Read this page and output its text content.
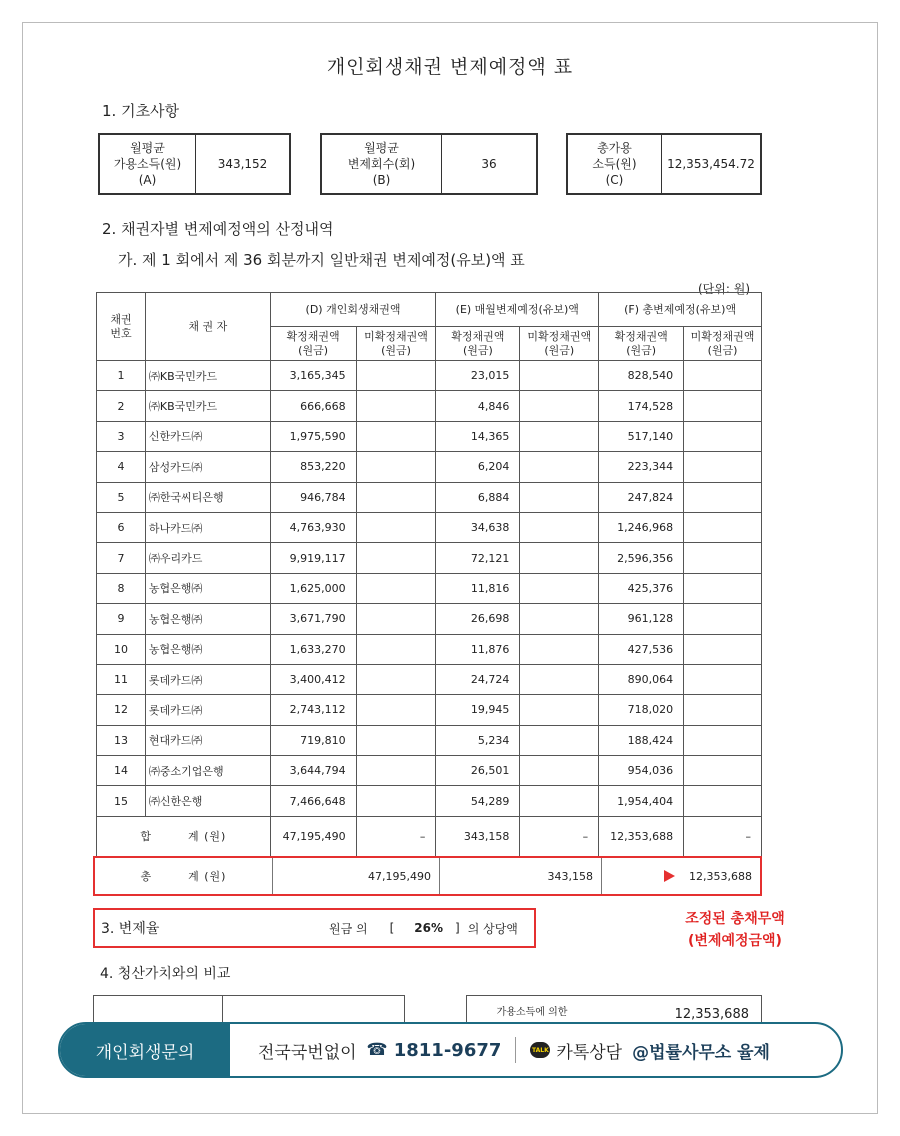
개인회생채권 변제예정액 표
1. 기초사항
월평균
가용소득(원)
(A)
343,152
월평균
변제회수(회)
(B)
36
총가용
소득(원)
(C)
12,353,454.72
2. 채권자별 변제예정액의 산정내역
가. 제 1 회에서 제 36 회분까지 일반채권 변제예정(유보)액 표
(단위: 원)
채권
번호	채 권 자	(D) 개인회생채권액		(E) 매월변제예정(유보)액		(F) 총변제예정(유보)액	
		확정채권액
(원금)	미확정채권액
(원금)	확정채권액
(원금)	미확정채권액
(원금)	확정채권액
(원금)	미확정채권액
(원금)
1	㈜KB국민카드	3,165,345		23,015		828,540	
2	㈜KB국민카드	666,668		4,846		174,528	
3	신한카드㈜	1,975,590		14,365		517,140	
4	삼성카드㈜	853,220		6,204		223,344	
5	㈜한국씨티은행	946,784		6,884		247,824	
6	하나카드㈜	4,763,930		34,638		1,246,968	
7	㈜우리카드	9,919,117		72,121		2,596,356	
8	농협은행㈜	1,625,000		11,816		425,376	
9	농협은행㈜	3,671,790		26,698		961,128	
10	농협은행㈜	1,633,270		11,876		427,536	
11	롯데카드㈜	3,400,412		24,724		890,064	
12	롯데카드㈜	2,743,112		19,945		718,020	
13	현대카드㈜	719,810		5,234		188,424	
14	㈜중소기업은행	3,644,794		26,501		954,036	
15	㈜신한은행	7,466,648		54,289		1,954,404	
합　　　계 (원)		47,195,490	–	343,158	–	12,353,688	–
총　　　계 (원)	47,195,490	343,158	12,353,688
3. 변제율	원금 의 [ 26% ] 의 상당액
조정된 총채무액
(변제예정금액)
4. 청산가치와의 비교
가용소득에 의한	12,353,688
개인회생문의	전국국번없이 ☎ 1811-9677	TALK 카톡상담 @법률사무소 율제
